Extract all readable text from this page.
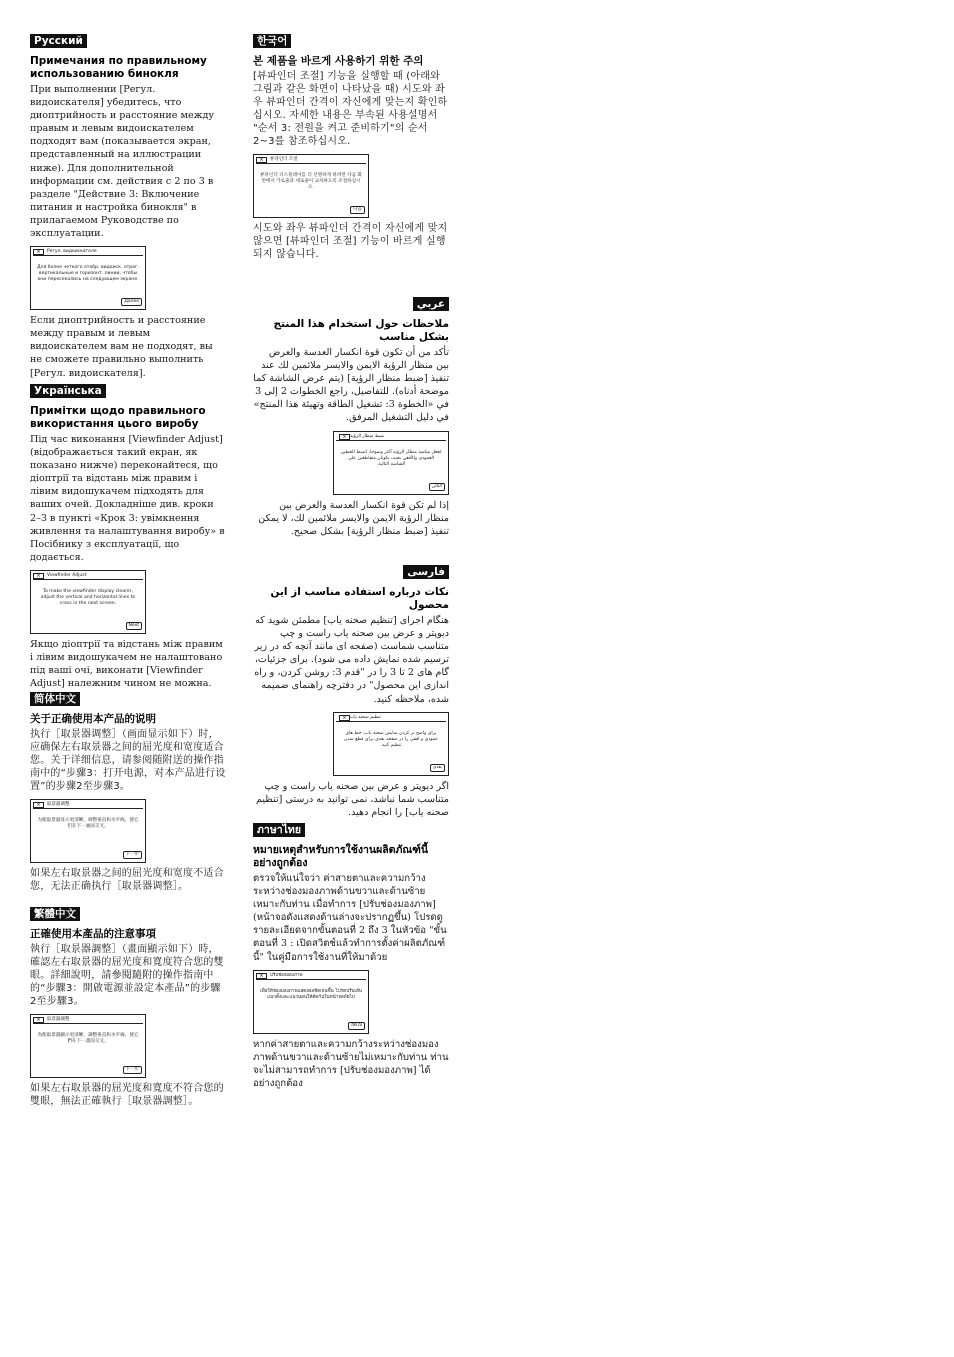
Русский
Примечания по правильному использованию бинокля
При выполнении [Регул. видоискателя] убедитесь, что диоптрийность и расстояние между правым и левым видоискателем подходят вам (показывается экран, представленный на иллюстрации ниже). Для дополнительной информации см. действия с 2 по 3 в разделе "Действие 3: Включение питания и настройка бинокля" в прилагаемом Руководстве по эксплуатации.
×	Регул. видоискателя
Для более четкого отобр. видоиск. отрег. вертикальные и горизонт. линии, чтобы они пересекались на следующем экране.
Далее
Если диоптрийность и расстояние между правым и левым видоискателем вам не подходят, вы не сможете правильно выполнить [Регул. видоискателя].
Українська
Примітки щодо правильного використання цього виробу
Під час виконання [Viewfinder Adjust] (відображається такий екран, як показано нижче) переконайтеся, що діоптрії та відстань між правим і лівим видошукачем підходять для ваших очей. Докладніше див. кроки 2–3 в пункті «Крок 3: увімкнення живлення та налаштування виробу» в Посібнику з експлуатації, що додається.
×	Viewfinder Adjust
To make the viewfinder display clearer, adjust the vertical and horizontal lines to cross in the next screen.
Next
Якщо діоптрії та відстань між правим і лівим видошукачем не налаштовано під ваші очі, виконати [Viewfinder Adjust] належним чином не можна.
简体中文
关于正确使用本产品的说明
执行［取景器调整］（画面显示如下）时，应确保左右取景器之间的屈光度和宽度适合您。关于详细信息，请参阅随附送的操作指南中的“步骤3：打开电源，对本产品进行设置”的步骤2至步骤3。
×	取景器调整
为使取景器显示更清晰，调整垂直和水平线，使它们在下一画面交叉。
下一步
如果左右取景器之间的屈光度和宽度不适合您，无法正确执行［取景器调整］。
繁體中文
正確使用本產品的注意事項
執行［取景器調整］（畫面顯示如下）時，確認左右取景器的屈光度和寬度符合您的雙眼。詳細說明，請參閱隨附的操作指南中的“步驟3：開啟電源並設定本產品”的步驟2至步驟3。
×	取景器調整
為使取景器顯示更清晰，調整垂直和水平線，使它們在下一畫面交叉。
下一步
如果左右取景器的屈光度和寬度不符合您的雙眼，無法正確執行［取景器調整］。
한국어
본 제품을 바르게 사용하기 위한 주의
[뷰파인더 조절] 기능을 실행할 때 (아래와 그림과 같은 화면이 나타났을 때) 시도와 좌우 뷰파인더 간격이 자신에게 맞는지 확인하십시오. 자세한 내용은 부속된 사용설명서 "순서 3: 전원을 켜고 준비하기"의 순서 2~3를 참조하십시오.
×	뷰파인더 조절
뷰파인더 디스플레이를 더 선명하게 하려면 다음 화면에서 가로줄과 세로줄이 교차하도록 조절하십시오.
다음
시도와 좌우 뷰파인더 간격이 자신에게 맞지 않으면 [뷰파인더 조절] 기능이 바르게 실행되지 않습니다.
عربي
ملاحظات حول استخدام هذا المنتج بشكل مناسب
تأكد من أن تكون قوة انكسار العدسة والعرض بين منظار الرؤية الايمن والايسر ملائمين لك عند تنفيذ [ضبط منظار الرؤية] (يتم عرض الشاشة كما موضحة أدناه). للتفاصيل، راجع الخطوات 2 إلى 3 في «الخطوة 3: تشغيل الطاقة وتهيئة هذا المنتج» في دليل التشغيل المرفق.
× ضبط منظار الرؤية
لجعل شاشة منظار الرؤية أكثر وضوحا، اضبط الخطين العمودي والأفقي بحيث يكونان متقاطعين على الشاشة التالية.
التالي
إذا لم تكن قوة انكسار العدسة والعرض بين منظار الرؤية الايمن والايسر ملائمين لك، لا يمكن تنفيذ [ضبط منظار الرؤية] بشكل صحيح.
فارسی
نکات درباره استفاده مناسب از این محصول
هنگام اجرای [تنظیم صحنه یاب] مطمئن شوید که دیوپتر و عرض بین صحنه یاب راست و چپ متناسب شماست (صفحه ای مانند آنچه که در زیر ترسیم شده نمایش داده می شود). برای جزئیات، گام های 2 تا 3 را در "قدم 3: روشن کردن، و راه اندازی این محصول" در دفترچه راهنمای ضمیمه شده، ملاحظه کنید.
× تنظیم صحنه یاب
برای واضح تر کردن نمایش صحنه یاب، خط های عمودی و افقی را در صفحه بعدی برای قطع شدن تنظیم کنید.
بعدی
اگر دیوپتر و عرض بین صحنه یاب راست و چپ متناسب شما نباشد، نمی توانید به درستی [تنظیم صحنه یاب] را انجام دهید.
ภาษาไทย
หมายเหตุสำหรับการใช้งานผลิตภัณฑ์นี้อย่างถูกต้อง
ตรวจให้แน่ใจว่า ค่าสายตาและความกว้างระหว่างช่องมองภาพด้านขวาและด้านซ้ายเหมาะกับท่าน เมื่อทำการ [ปรับช่องมองภาพ] (หน้าจอดังแสดงด้านล่างจะปรากฏขึ้น) โปรดดูรายละเอียดจากขั้นตอนที่ 2 ถึง 3 ในหัวข้อ "ขั้นตอนที่ 3 : เปิดสวิตช์แล้วทำการตั้งค่าผลิตภัณฑ์นี้" ในคู่มือการใช้งานที่ให้มาด้วย
×	ปรับช่องมองภาพ
เพื่อให้ช่องมองภาพแสดงผลชัดเจนขึ้น โปรดปรับเส้นแนวตั้งและแนวนอนให้ตัดกันในหน้าจอถัดไป
ถัดไป
หากค่าสายตาและความกว้างระหว่างช่องมองภาพด้านขวาและด้านซ้ายไม่เหมาะกับท่าน ท่านจะไม่สามารถทำการ [ปรับช่องมองภาพ] ได้อย่างถูกต้อง
